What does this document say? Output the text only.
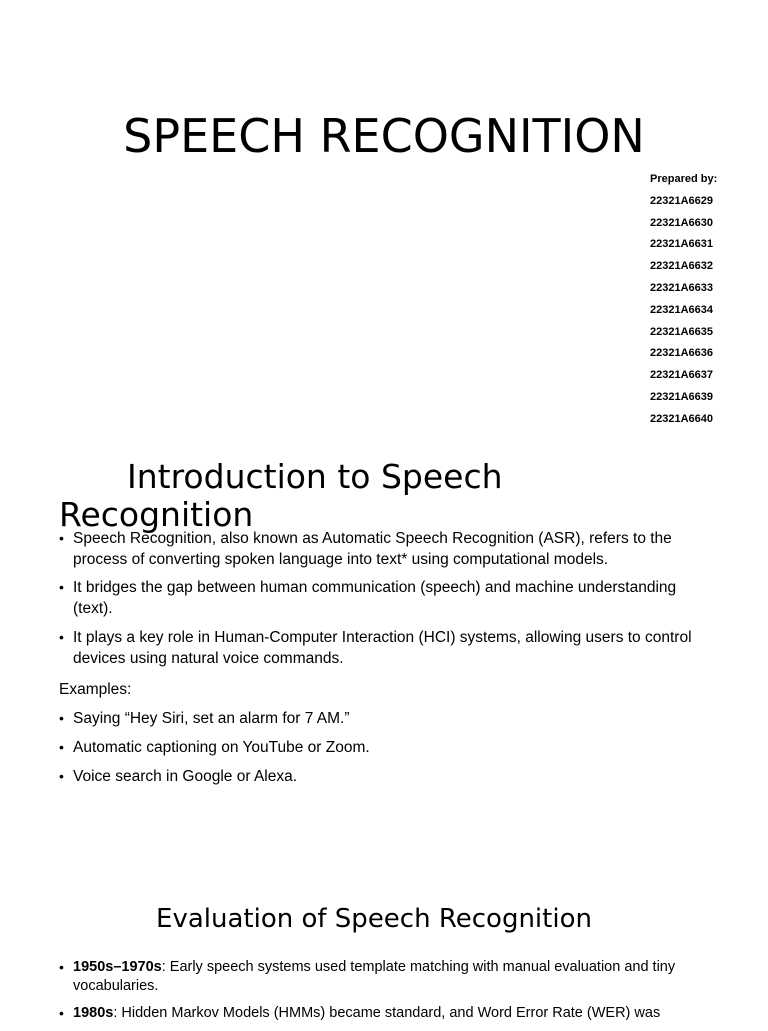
SPEECH RECOGNITION
Prepared by:
22321A6629
22321A6630
22321A6631
22321A6632
22321A6633
22321A6634
22321A6635
22321A6636
22321A6637
22321A6639
22321A6640
Introduction to Speech Recognition
• Speech Recognition, also known as Automatic Speech Recognition (ASR), refers to the process of converting spoken language into text* using computational models.
• It bridges the gap between human communication (speech) and machine understanding (text).
• It plays a key role in Human-Computer Interaction (HCI) systems, allowing users to control devices using natural voice commands.
Examples:
• Saying “Hey Siri, set an alarm for 7 AM.”
• Automatic captioning on YouTube or Zoom.
• Voice search in Google or Alexa.
Evaluation of Speech Recognition
• 1950s–1970s: Early speech systems used template matching with manual evaluation and tiny vocabularies.
• 1980s: Hidden Markov Models (HMMs) became standard, and Word Error Rate (WER) was
